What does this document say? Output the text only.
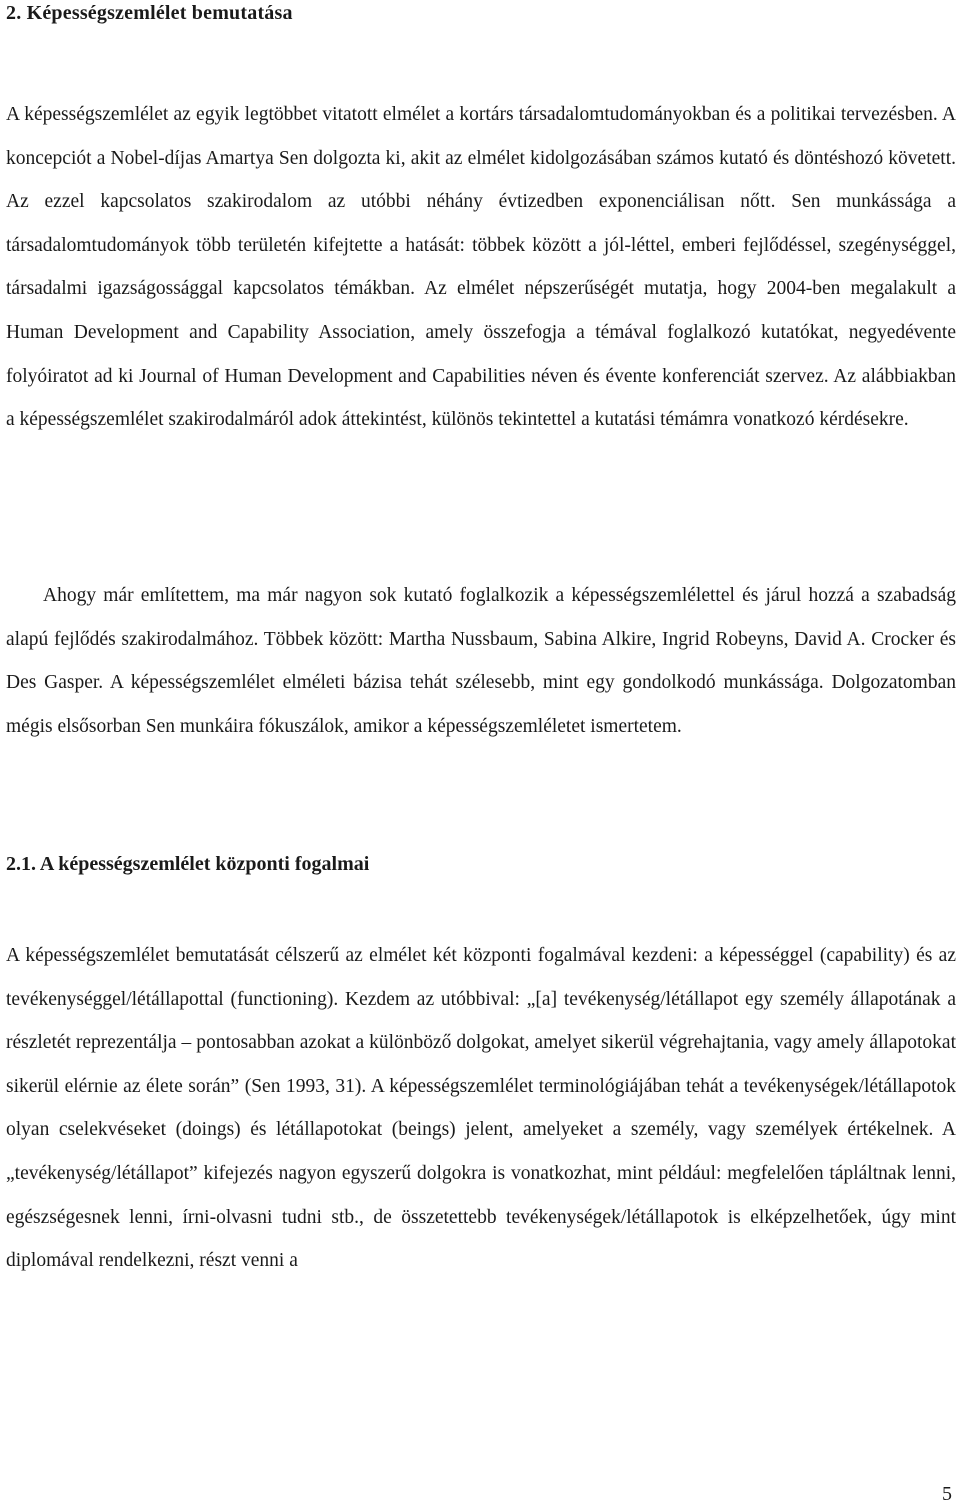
2. Képességszemlélet bemutatása

A képességszemlélet az egyik legtöbbet vitatott elmélet a kortárs társadalomtudományokban és a politikai tervezésben. A koncepciót a Nobel-díjas Amartya Sen dolgozta ki, akit az elmélet kidolgozásában számos kutató és döntéshozó követett. Az ezzel kapcsolatos szakirodalom az utóbbi néhány évtizedben exponenciálisan nőtt. Sen munkássága a társadalomtudományok több területén kifejtette a hatását: többek között a jól-léttel, emberi fejlődéssel, szegénységgel, társadalmi igazságossággal kapcsolatos témákban. Az elmélet népszerűségét mutatja, hogy 2004-ben megalakult a Human Development and Capability Association, amely összefogja a témával foglalkozó kutatókat, negyedévente folyóiratot ad ki Journal of Human Development and Capabilities néven és évente konferenciát szervez. Az alábbiakban a képességszemlélet szakirodalmáról adok áttekintést, különös tekintettel a kutatási témámra vonatkozó kérdésekre.

Ahogy már említettem, ma már nagyon sok kutató foglalkozik a képességszemlélettel és járul hozzá a szabadság alapú fejlődés szakirodalmához. Többek között: Martha Nussbaum, Sabina Alkire, Ingrid Robeyns, David A. Crocker és Des Gasper. A képességszemlélet elméleti bázisa tehát szélesebb, mint egy gondolkodó munkássága. Dolgozatomban mégis elsősorban Sen munkáira fókuszálok, amikor a képességszemléletet ismertetem.

2.1. A képességszemlélet központi fogalmai

A képességszemlélet bemutatását célszerű az elmélet két központi fogalmával kezdeni: a képességgel (capability) és az tevékenységgel/létállapottal (functioning). Kezdem az utóbbival: „[a] tevékenység/létállapot egy személy állapotának a részletét reprezentálja – pontosabban azokat a különböző dolgokat, amelyet sikerül végrehajtania, vagy amely állapotokat sikerül elérnie az élete során” (Sen 1993, 31). A képességszemlélet terminológiájában tehát a tevékenységek/létállapotok olyan cselekvéseket (doings) és létállapotokat (beings) jelent, amelyeket a személy, vagy személyek értékelnek. A „tevékenység/létállapot” kifejezés nagyon egyszerű dolgokra is vonatkozhat, mint például: megfelelően tápláltnak lenni, egészségesnek lenni, írni-olvasni tudni stb., de összetettebb tevékenységek/létállapotok is elképzelhetőek, úgy mint diplomával rendelkezni, részt venni a

5
